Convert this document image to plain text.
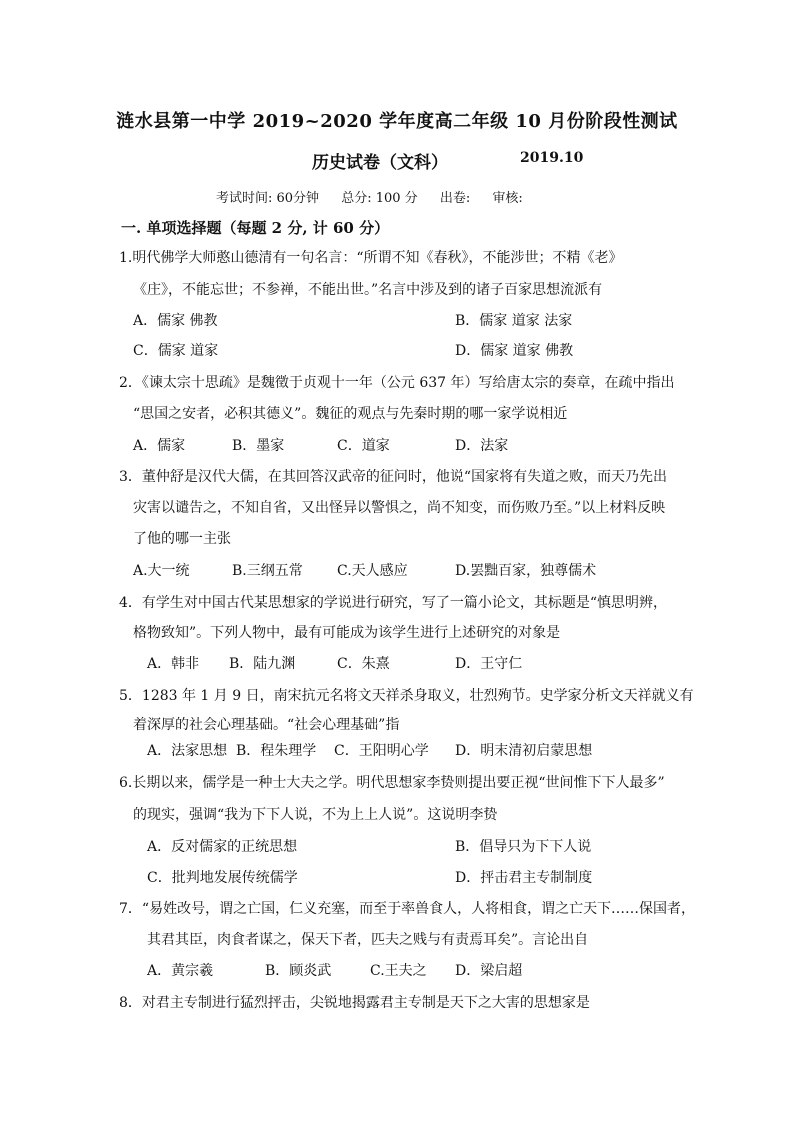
涟水县第一中学 2019~2020 学年度高二年级 10 月份阶段性测试
历史试卷（文科）	2019.10
考试时间: 60分钟 总分: 100 分 出卷: 审核:
一. 单项选择题（每题 2 分, 计 60 分）
1.明代佛学大师憨山德清有一句名言：“所谓不知《春秋》，不能涉世；不精《老》
《庄》，不能忘世；不参禅，不能出世。”名言中涉及到的诸子百家思想流派有
A．儒家 佛教	B．儒家 道家 法家
C．儒家 道家	D．儒家 道家 佛教
2．《谏太宗十思疏》是魏徵于贞观十一年（公元 637 年）写给唐太宗的奏章，在疏中指出
“思国之安者，必积其德义”。魏征的观点与先秦时期的哪一家学说相近
A．儒家	B．墨家	C．道家	D．法家
3．董仲舒是汉代大儒，在其回答汉武帝的征问时，他说“国家将有失道之败，而天乃先出
灾害以谴告之，不知自省，又出怪异以警惧之，尚不知变，而伤败乃至。”以上材料反映
了他的哪一主张
A.大一统	B.三纲五常 C.天人感应	D.罢黜百家，独尊儒术
4．有学生对中国古代某思想家的学说进行研究，写了一篇小论文，其标题是“慎思明辨，
格物致知”。下列人物中，最有可能成为该学生进行上述研究的对象是
A．韩非 B．陆九渊	C．朱熹	D．王守仁
5．1283 年 1 月 9 日，南宋抗元名将文天祥杀身取义，壮烈殉节。史学家分析文天祥就义有
着深厚的社会心理基础。“社会心理基础”指
A．法家思想 B．程朱理学 C．王阳明心学 D．明末清初启蒙思想
6.长期以来，儒学是一种士大夫之学。明代思想家李贽则提出要正视“世间惟下下人最多”
的现实，强调“我为下下人说，不为上上人说”。这说明李贽
A．反对儒家的正统思想	B．倡导只为下下人说
C．批判地发展传统儒学	D．抨击君主专制制度
7．“易姓改号，谓之亡国，仁义充塞，而至于率兽食人，人将相食，谓之亡天下……保国者，
其君其臣，肉食者谋之，保天下者，匹夫之贱与有责焉耳矣”。言论出自
A．黄宗羲	B．顾炎武	C.王夫之 D．梁启超
8．对君主专制进行猛烈抨击，尖锐地揭露君主专制是天下之大害的思想家是
